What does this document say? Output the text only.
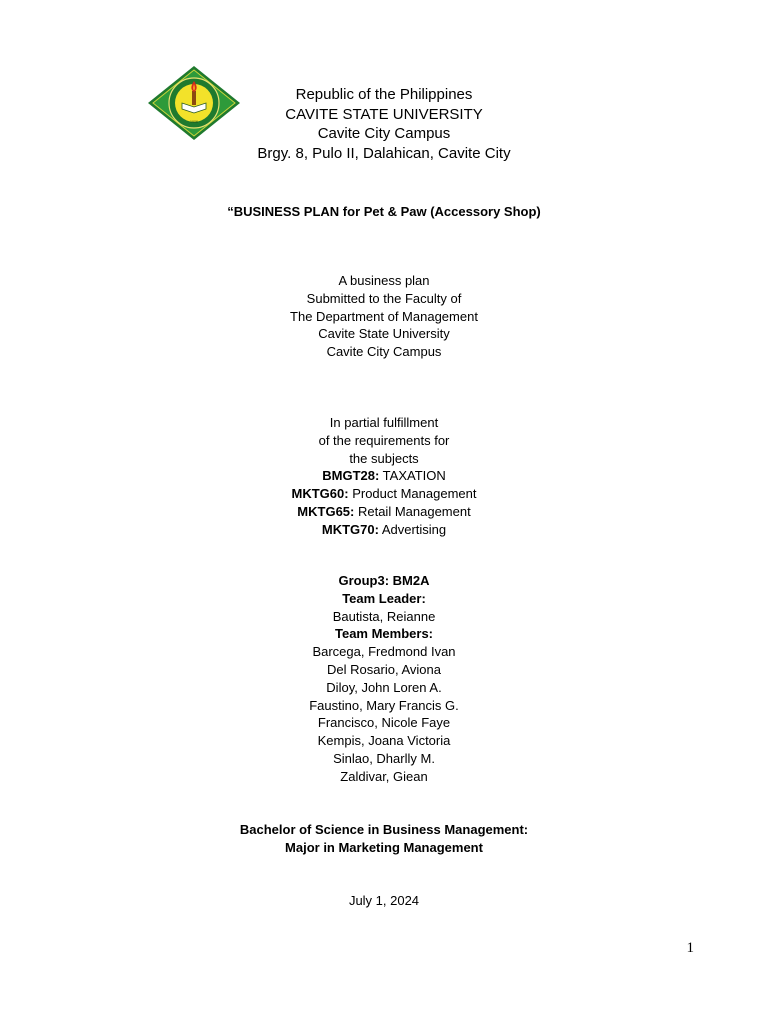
1906
Republic of the Philippines
CAVITE STATE UNIVERSITY
Cavite City Campus
Brgy. 8, Pulo II, Dalahican, Cavite City
“BUSINESS PLAN for Pet & Paw (Accessory Shop)
A business plan
Submitted to the Faculty of
The Department of Management
Cavite State University
Cavite City Campus
In partial fulfillment
of the requirements for
the subjects
BMGT28: TAXATION
MKTG60: Product Management
MKTG65: Retail Management
MKTG70: Advertising
Group3: BM2A
Team Leader:
Bautista, Reianne
Team Members:
Barcega, Fredmond Ivan
Del Rosario, Aviona
Diloy, John Loren A.
Faustino, Mary Francis G.
Francisco, Nicole Faye
Kempis, Joana Victoria
Sinlao, Dharlly M.
Zaldivar, Giean
Bachelor of Science in Business Management:
Major in Marketing Management
July 1, 2024
1
